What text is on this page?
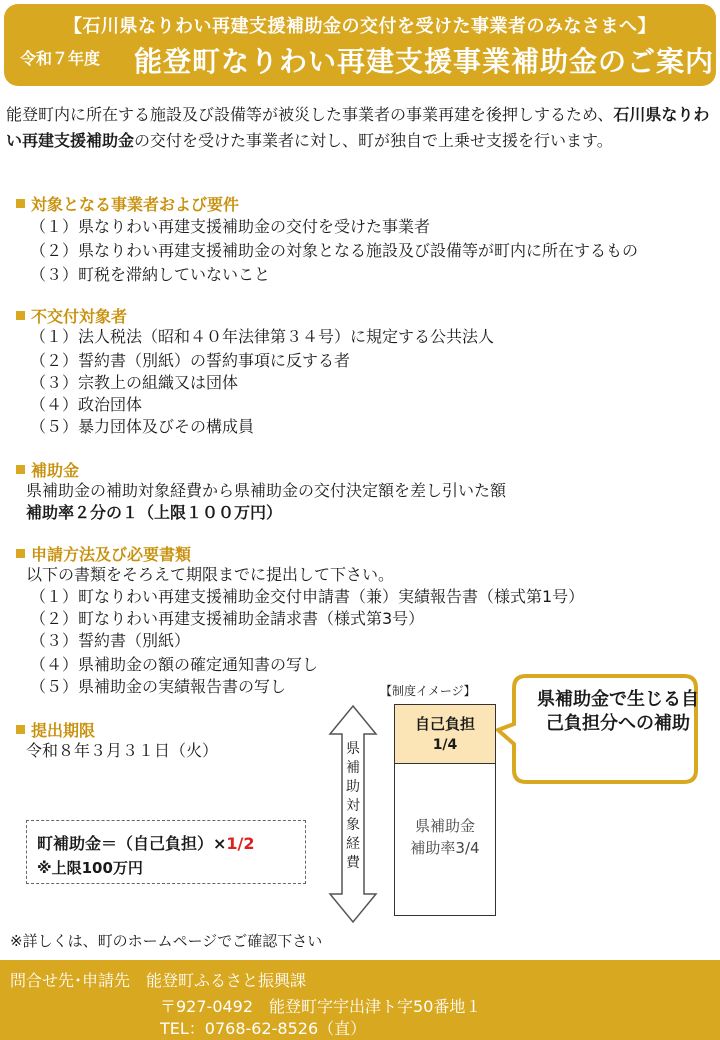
【石川県なりわい再建支援補助金の交付を受けた事業者のみなさまへ】
令和７年度 能登町なりわい再建支援事業補助金のご案内
能登町内に所在する施設及び設備等が被災した事業者の事業再建を後押しするため、石川県なりわい再建支援補助金の交付を受けた事業者に対し、町が独自で上乗せ支援を行います。
対象となる事業者および要件
（１）県なりわい再建支援補助金の交付を受けた事業者
（２）県なりわい再建支援補助金の対象となる施設及び設備等が町内に所在するもの
（３）町税を滞納していないこと
不交付対象者
（１）法人税法（昭和４０年法律第３４号）に規定する公共法人
（２）誓約書（別紙）の誓約事項に反する者
（３）宗教上の組織又は団体
（４）政治団体
（５）暴力団体及びその構成員
補助金
県補助金の補助対象経費から県補助金の交付決定額を差し引いた額
補助率２分の１（上限１００万円）
申請方法及び必要書類
以下の書類をそろえて期限までに提出して下さい。
（１）町なりわい再建支援補助金交付申請書（兼）実績報告書（様式第1号）
（２）町なりわい再建支援補助金請求書（様式第3号）
（３）誓約書（別紙）
（４）県補助金の額の確定通知書の写し
（５）県補助金の実績報告書の写し
提出期限
令和８年３月３１日（火）
町補助金＝（自己負担）×1/2
※上限100万円
【制度イメージ】
県
補
助
対
象
経
費
自己負担
1/4
県補助金
補助率3/4
県補助金で生じる自己負担分への補助
※詳しくは、町のホームページでご確認下さい
問合せ先･申請先　能登町ふるさと振興課
〒927-0492　能登町字宇出津ト字50番地１
TEL：0768-62-8526（直）
